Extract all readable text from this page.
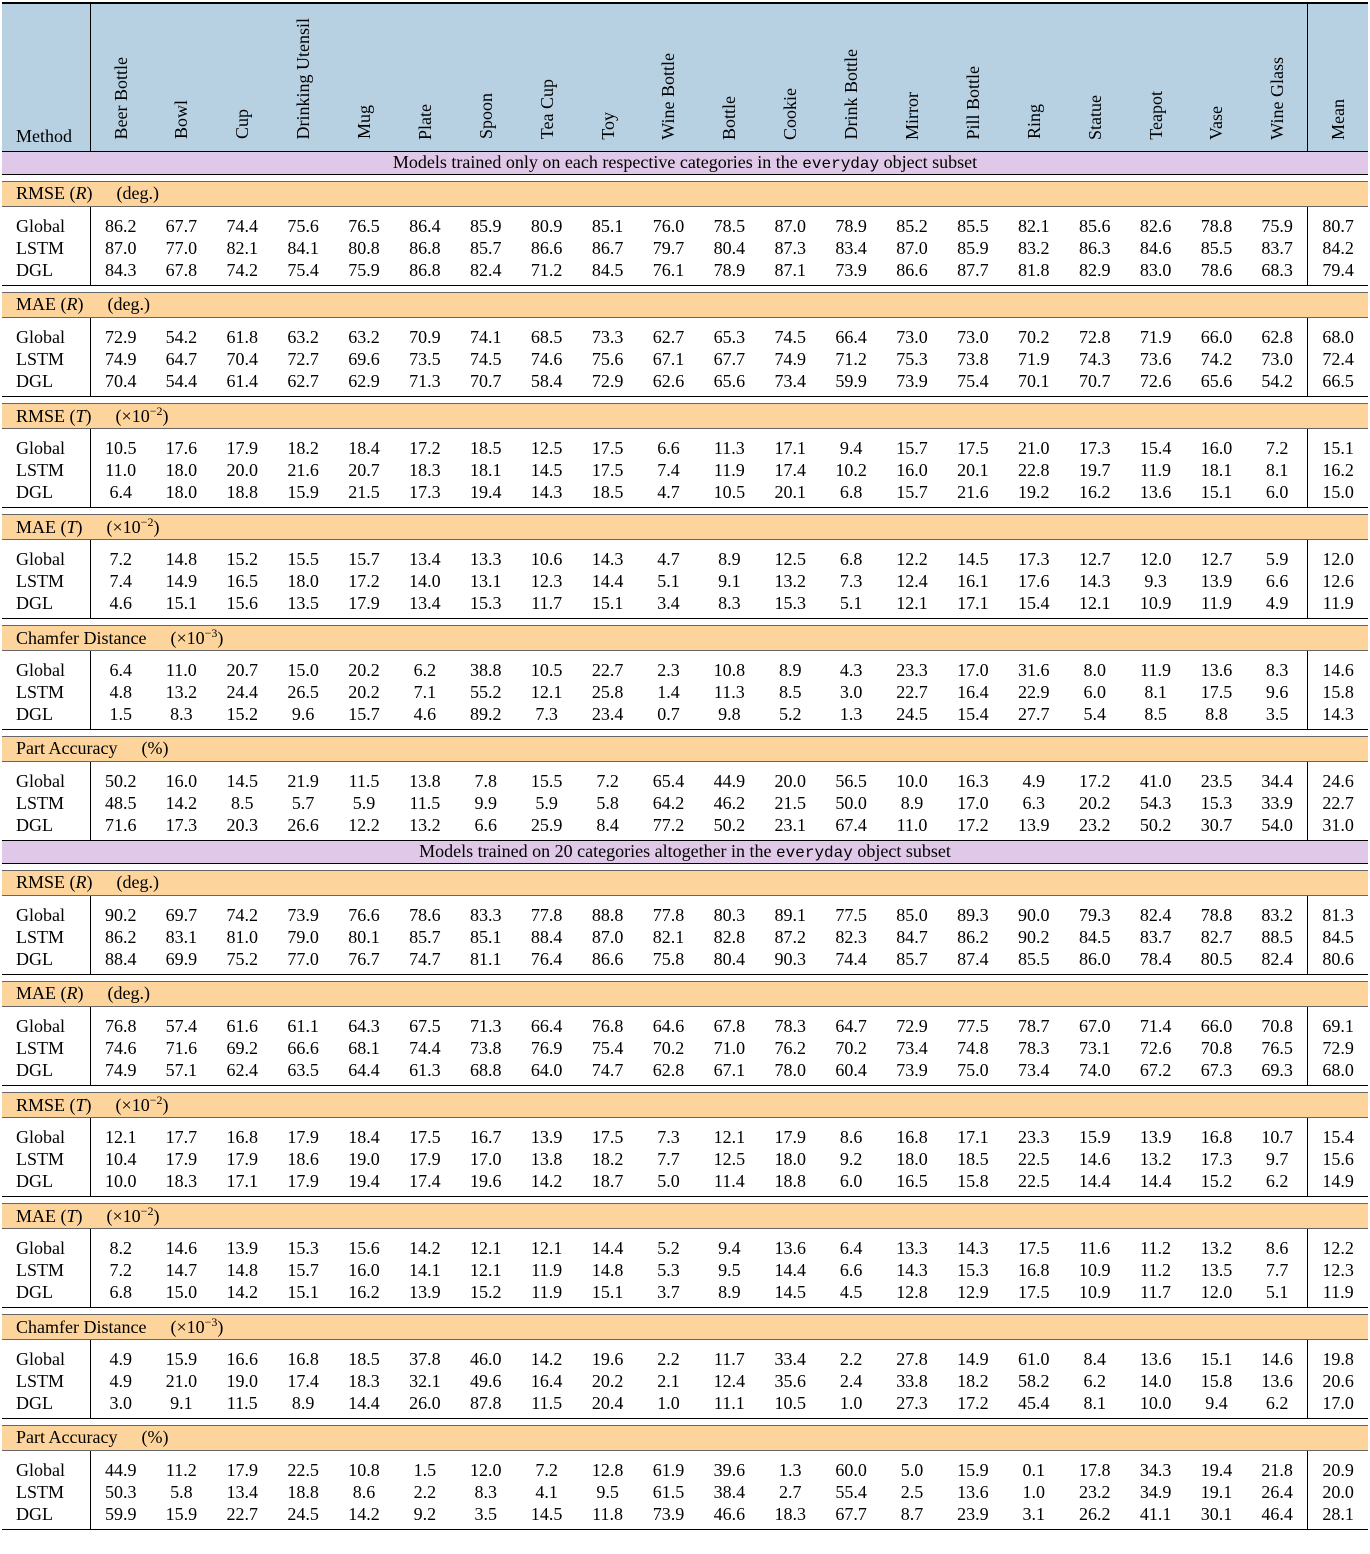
Method	Beer Bottle	Bowl	Cup	Drinking Utensil	Mug	Plate	Spoon	Tea Cup	Toy	Wine Bottle	Bottle	Cookie	Drink Bottle	Mirror	Pill Bottle	Ring	Statue	Teapot	Vase	Wine Glass	Mean
Models trained only on each respective categories in the everyday object subset																					

RMSE (R) (deg.)																					
Global	86.2	67.7	74.4	75.6	76.5	86.4	85.9	80.9	85.1	76.0	78.5	87.0	78.9	85.2	85.5	82.1	85.6	82.6	78.8	75.9	80.7
LSTM	87.0	77.0	82.1	84.1	80.8	86.8	85.7	86.6	86.7	79.7	80.4	87.3	83.4	87.0	85.9	83.2	86.3	84.6	85.5	83.7	84.2
DGL	84.3	67.8	74.2	75.4	75.9	86.8	82.4	71.2	84.5	76.1	78.9	87.1	73.9	86.6	87.7	81.8	82.9	83.0	78.6	68.3	79.4

MAE (R) (deg.)																					
Global	72.9	54.2	61.8	63.2	63.2	70.9	74.1	68.5	73.3	62.7	65.3	74.5	66.4	73.0	73.0	70.2	72.8	71.9	66.0	62.8	68.0
LSTM	74.9	64.7	70.4	72.7	69.6	73.5	74.5	74.6	75.6	67.1	67.7	74.9	71.2	75.3	73.8	71.9	74.3	73.6	74.2	73.0	72.4
DGL	70.4	54.4	61.4	62.7	62.9	71.3	70.7	58.4	72.9	62.6	65.6	73.4	59.9	73.9	75.4	70.1	70.7	72.6	65.6	54.2	66.5

RMSE (T) $(\times 10^{-2})$																					
Global	10.5	17.6	17.9	18.2	18.4	17.2	18.5	12.5	17.5	6.6	11.3	17.1	9.4	15.7	17.5	21.0	17.3	15.4	16.0	7.2	15.1
LSTM	11.0	18.0	20.0	21.6	20.7	18.3	18.1	14.5	17.5	7.4	11.9	17.4	10.2	16.0	20.1	22.8	19.7	11.9	18.1	8.1	16.2
DGL	6.4	18.0	18.8	15.9	21.5	17.3	19.4	14.3	18.5	4.7	10.5	20.1	6.8	15.7	21.6	19.2	16.2	13.6	15.1	6.0	15.0

MAE (T) $(\times 10^{-2})$																					
Global	7.2	14.8	15.2	15.5	15.7	13.4	13.3	10.6	14.3	4.7	8.9	12.5	6.8	12.2	14.5	17.3	12.7	12.0	12.7	5.9	12.0
LSTM	7.4	14.9	16.5	18.0	17.2	14.0	13.1	12.3	14.4	5.1	9.1	13.2	7.3	12.4	16.1	17.6	14.3	9.3	13.9	6.6	12.6
DGL	4.6	15.1	15.6	13.5	17.9	13.4	15.3	11.7	15.1	3.4	8.3	15.3	5.1	12.1	17.1	15.4	12.1	10.9	11.9	4.9	11.9

Chamfer Distance $(\times 10^{-3})$																					
Global	6.4	11.0	20.7	15.0	20.2	6.2	38.8	10.5	22.7	2.3	10.8	8.9	4.3	23.3	17.0	31.6	8.0	11.9	13.6	8.3	14.6
LSTM	4.8	13.2	24.4	26.5	20.2	7.1	55.2	12.1	25.8	1.4	11.3	8.5	3.0	22.7	16.4	22.9	6.0	8.1	17.5	9.6	15.8
DGL	1.5	8.3	15.2	9.6	15.7	4.6	89.2	7.3	23.4	0.7	9.8	5.2	1.3	24.5	15.4	27.7	5.4	8.5	8.8	3.5	14.3

Part Accuracy (%)																					
Global	50.2	16.0	14.5	21.9	11.5	13.8	7.8	15.5	7.2	65.4	44.9	20.0	56.5	10.0	16.3	4.9	17.2	41.0	23.5	34.4	24.6
LSTM	48.5	14.2	8.5	5.7	5.9	11.5	9.9	5.9	5.8	64.2	46.2	21.5	50.0	8.9	17.0	6.3	20.2	54.3	15.3	33.9	22.7
DGL	71.6	17.3	20.3	26.6	12.2	13.2	6.6	25.9	8.4	77.2	50.2	23.1	67.4	11.0	17.2	13.9	23.2	50.2	30.7	54.0	31.0
Models trained on 20 categories altogether in the everyday object subset																					

RMSE (R) (deg.)																					
Global	90.2	69.7	74.2	73.9	76.6	78.6	83.3	77.8	88.8	77.8	80.3	89.1	77.5	85.0	89.3	90.0	79.3	82.4	78.8	83.2	81.3
LSTM	86.2	83.1	81.0	79.0	80.1	85.7	85.1	88.4	87.0	82.1	82.8	87.2	82.3	84.7	86.2	90.2	84.5	83.7	82.7	88.5	84.5
DGL	88.4	69.9	75.2	77.0	76.7	74.7	81.1	76.4	86.6	75.8	80.4	90.3	74.4	85.7	87.4	85.5	86.0	78.4	80.5	82.4	80.6

MAE (R) (deg.)																					
Global	76.8	57.4	61.6	61.1	64.3	67.5	71.3	66.4	76.8	64.6	67.8	78.3	64.7	72.9	77.5	78.7	67.0	71.4	66.0	70.8	69.1
LSTM	74.6	71.6	69.2	66.6	68.1	74.4	73.8	76.9	75.4	70.2	71.0	76.2	70.2	73.4	74.8	78.3	73.1	72.6	70.8	76.5	72.9
DGL	74.9	57.1	62.4	63.5	64.4	61.3	68.8	64.0	74.7	62.8	67.1	78.0	60.4	73.9	75.0	73.4	74.0	67.2	67.3	69.3	68.0

RMSE (T) $(\times 10^{-2})$																					
Global	12.1	17.7	16.8	17.9	18.4	17.5	16.7	13.9	17.5	7.3	12.1	17.9	8.6	16.8	17.1	23.3	15.9	13.9	16.8	10.7	15.4
LSTM	10.4	17.9	17.9	18.6	19.0	17.9	17.0	13.8	18.2	7.7	12.5	18.0	9.2	18.0	18.5	22.5	14.6	13.2	17.3	9.7	15.6
DGL	10.0	18.3	17.1	17.9	19.4	17.4	19.6	14.2	18.7	5.0	11.4	18.8	6.0	16.5	15.8	22.5	14.4	14.4	15.2	6.2	14.9

MAE (T) $(\times 10^{-2})$																					
Global	8.2	14.6	13.9	15.3	15.6	14.2	12.1	12.1	14.4	5.2	9.4	13.6	6.4	13.3	14.3	17.5	11.6	11.2	13.2	8.6	12.2
LSTM	7.2	14.7	14.8	15.7	16.0	14.1	12.1	11.9	14.8	5.3	9.5	14.4	6.6	14.3	15.3	16.8	10.9	11.2	13.5	7.7	12.3
DGL	6.8	15.0	14.2	15.1	16.2	13.9	15.2	11.9	15.1	3.7	8.9	14.5	4.5	12.8	12.9	17.5	10.9	11.7	12.0	5.1	11.9

Chamfer Distance $(\times 10^{-3})$																					
Global	4.9	15.9	16.6	16.8	18.5	37.8	46.0	14.2	19.6	2.2	11.7	33.4	2.2	27.8	14.9	61.0	8.4	13.6	15.1	14.6	19.8
LSTM	4.9	21.0	19.0	17.4	18.3	32.1	49.6	16.4	20.2	2.1	12.4	35.6	2.4	33.8	18.2	58.2	6.2	14.0	15.8	13.6	20.6
DGL	3.0	9.1	11.5	8.9	14.4	26.0	87.8	11.5	20.4	1.0	11.1	10.5	1.0	27.3	17.2	45.4	8.1	10.0	9.4	6.2	17.0

Part Accuracy (%)																					
Global	44.9	11.2	17.9	22.5	10.8	1.5	12.0	7.2	12.8	61.9	39.6	1.3	60.0	5.0	15.9	0.1	17.8	34.3	19.4	21.8	20.9
LSTM	50.3	5.8	13.4	18.8	8.6	2.2	8.3	4.1	9.5	61.5	38.4	2.7	55.4	2.5	13.6	1.0	23.2	34.9	19.1	26.4	20.0
DGL	59.9	15.9	22.7	24.5	14.2	9.2	3.5	14.5	11.8	73.9	46.6	18.3	67.7	8.7	23.9	3.1	26.2	41.1	30.1	46.4	28.1
